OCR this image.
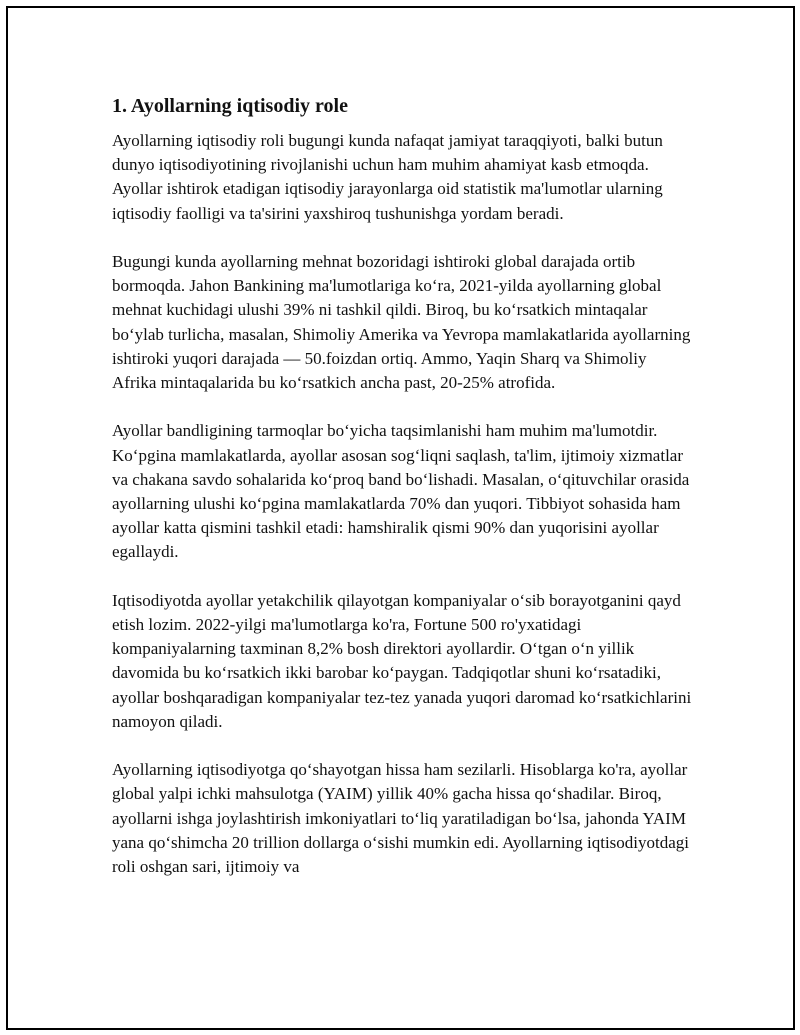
1. Ayollarning iqtisodiy role

Ayollarning iqtisodiy roli bugungi kunda nafaqat jamiyat taraqqiyoti, balki butun dunyo iqtisodiyotining rivojlanishi uchun ham muhim ahamiyat kasb etmoqda. Ayollar ishtirok etadigan iqtisodiy jarayonlarga oid statistik ma'lumotlar ularning iqtisodiy faolligi va ta'sirini yaxshiroq tushunishga yordam beradi.

Bugungi kunda ayollarning mehnat bozoridagi ishtiroki global darajada ortib bormoqda. Jahon Bankining ma'lumotlariga koʻra, 2021-yilda ayollarning global mehnat kuchidagi ulushi 39% ni tashkil qildi. Biroq, bu koʻrsatkich mintaqalar boʻylab turlicha, masalan, Shimoliy Amerika va Yevropa mamlakatlarida ayollarning ishtiroki yuqori darajada — 50.foizdan ortiq. Ammo, Yaqin Sharq va Shimoliy Afrika mintaqalarida bu koʻrsatkich ancha past, 20-25% atrofida.

Ayollar bandligining tarmoqlar boʻyicha taqsimlanishi ham muhim ma'lumotdir. Koʻpgina mamlakatlarda, ayollar asosan sogʻliqni saqlash, ta'lim, ijtimoiy xizmatlar va chakana savdo sohalarida koʻproq band boʻlishadi. Masalan, oʻqituvchilar orasida ayollarning ulushi koʻpgina mamlakatlarda 70% dan yuqori. Tibbiyot sohasida ham ayollar katta qismini tashkil etadi: hamshiralik qismi 90% dan yuqorisini ayollar egallaydi.

Iqtisodiyotda ayollar yetakchilik qilayotgan kompaniyalar oʻsib borayotganini qayd etish lozim. 2022-yilgi ma'lumotlarga ko'ra, Fortune 500 ro'yxatidagi kompaniyalarning taxminan 8,2% bosh direktori ayollardir. Oʻtgan oʻn yillik davomida bu koʻrsatkich ikki barobar koʻpaygan. Tadqiqotlar shuni koʻrsatadiki, ayollar boshqaradigan kompaniyalar tez-tez yanada yuqori daromad koʻrsatkichlarini namoyon qiladi.

Ayollarning iqtisodiyotga qoʻshayotgan hissa ham sezilarli. Hisoblarga ko'ra, ayollar global yalpi ichki mahsulotga (YAIM) yillik 40% gacha hissa qoʻshadilar. Biroq, ayollarni ishga joylashtirish imkoniyatlari toʻliq yaratiladigan boʻlsa, jahonda YAIM yana qoʻshimcha 20 trillion dollarga oʻsishi mumkin edi. Ayollarning iqtisodiyotdagi roli oshgan sari, ijtimoiy va
